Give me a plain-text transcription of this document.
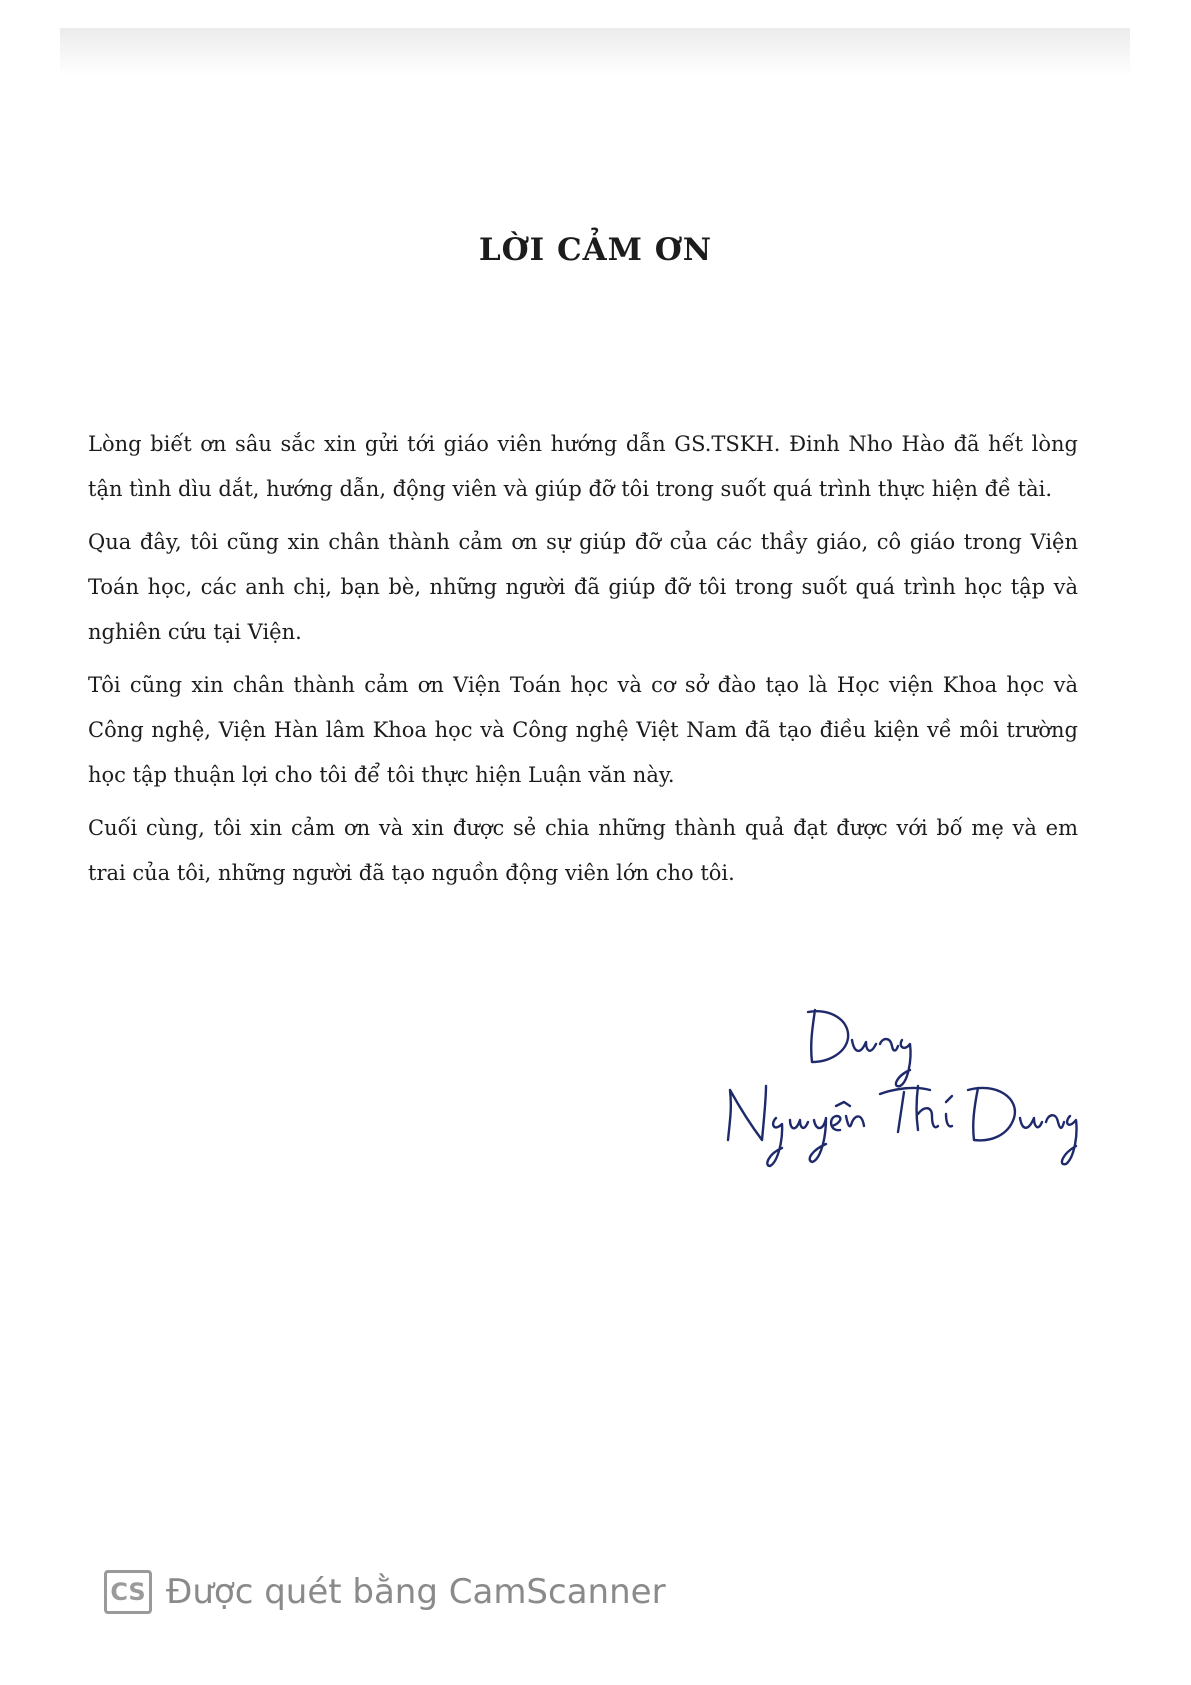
LỜI CẢM ƠN

Lòng biết ơn sâu sắc xin gửi tới giáo viên hướng dẫn GS.TSKH. Đinh Nho Hào đã hết lòng tận tình dìu dắt, hướng dẫn, động viên và giúp đỡ tôi trong suốt quá trình thực hiện đề tài.

Qua đây, tôi cũng xin chân thành cảm ơn sự giúp đỡ của các thầy giáo, cô giáo trong Viện Toán học, các anh chị, bạn bè, những người đã giúp đỡ tôi trong suốt quá trình học tập và nghiên cứu tại Viện.

Tôi cũng xin chân thành cảm ơn Viện Toán học và cơ sở đào tạo là Học viện Khoa học và Công nghệ, Viện Hàn lâm Khoa học và Công nghệ Việt Nam đã tạo điều kiện về môi trường học tập thuận lợi cho tôi để tôi thực hiện Luận văn này.

Cuối cùng, tôi xin cảm ơn và xin được sẻ chia những thành quả đạt được với bố mẹ và em trai của tôi, những người đã tạo nguồn động viên lớn cho tôi.

CS Được quét bằng CamScanner
